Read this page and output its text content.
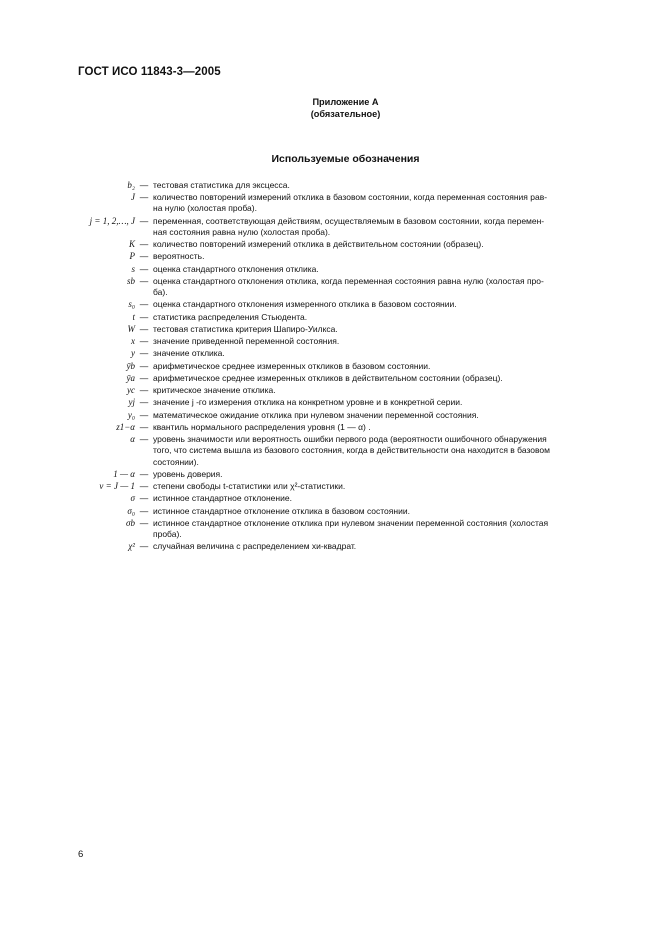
ГОСТ ИСО 11843-3—2005
Приложение А
(обязательное)
Используемые обозначения
b₂ — тестовая статистика для эксцесса.
J — количество повторений измерений отклика в базовом состоянии, когда переменная состояния рав-
на нулю (холостая проба).
j = 1, 2,…, J — переменная, соответствующая действиям, осуществляемым в базовом состоянии, когда перемен-
ная состояния равна нулю (холостая проба).
K — количество повторений измерений отклика в действительном состоянии (образец).
P — вероятность.
s — оценка стандартного отклонения отклика.
sb — оценка стандартного отклонения отклика, когда переменная состояния равна нулю (холостая про-
ба).
s₀ — оценка стандартного отклонения измеренного отклика в базовом состоянии.
t — статистика распределения Стьюдента.
W — тестовая статистика критерия Шапиро-Уилкса.
x — значение приведенной переменной состояния.
y — значение отклика.
ȳb — арифметическое среднее измеренных откликов в базовом состоянии.
ȳa — арифметическое среднее измеренных откликов в действительном состоянии (образец).
yc — критическое значение отклика.
yj — значение j -го измерения отклика на конкретном уровне и в конкретной серии.
y₀ — математическое ожидание отклика при нулевом значении переменной состояния.
z1−α — квантиль нормального распределения уровня (1 — α) .
α — уровень значимости или вероятность ошибки первого рода (вероятности ошибочного обнаружения
того, что система вышла из базового состояния, когда в действительности она находится в базовом
состоянии).
1 — α — уровень доверия.
ν = J — 1 — степени свободы t-статистики или χ²-статистики.
σ — истинное стандартное отклонение.
σ₀ — истинное стандартное отклонение отклика в базовом состоянии.
σb — истинное стандартное отклонение отклика при нулевом значении переменной состояния (холостая
проба).
χ² — случайная величина с распределением хи-квадрат.
6
